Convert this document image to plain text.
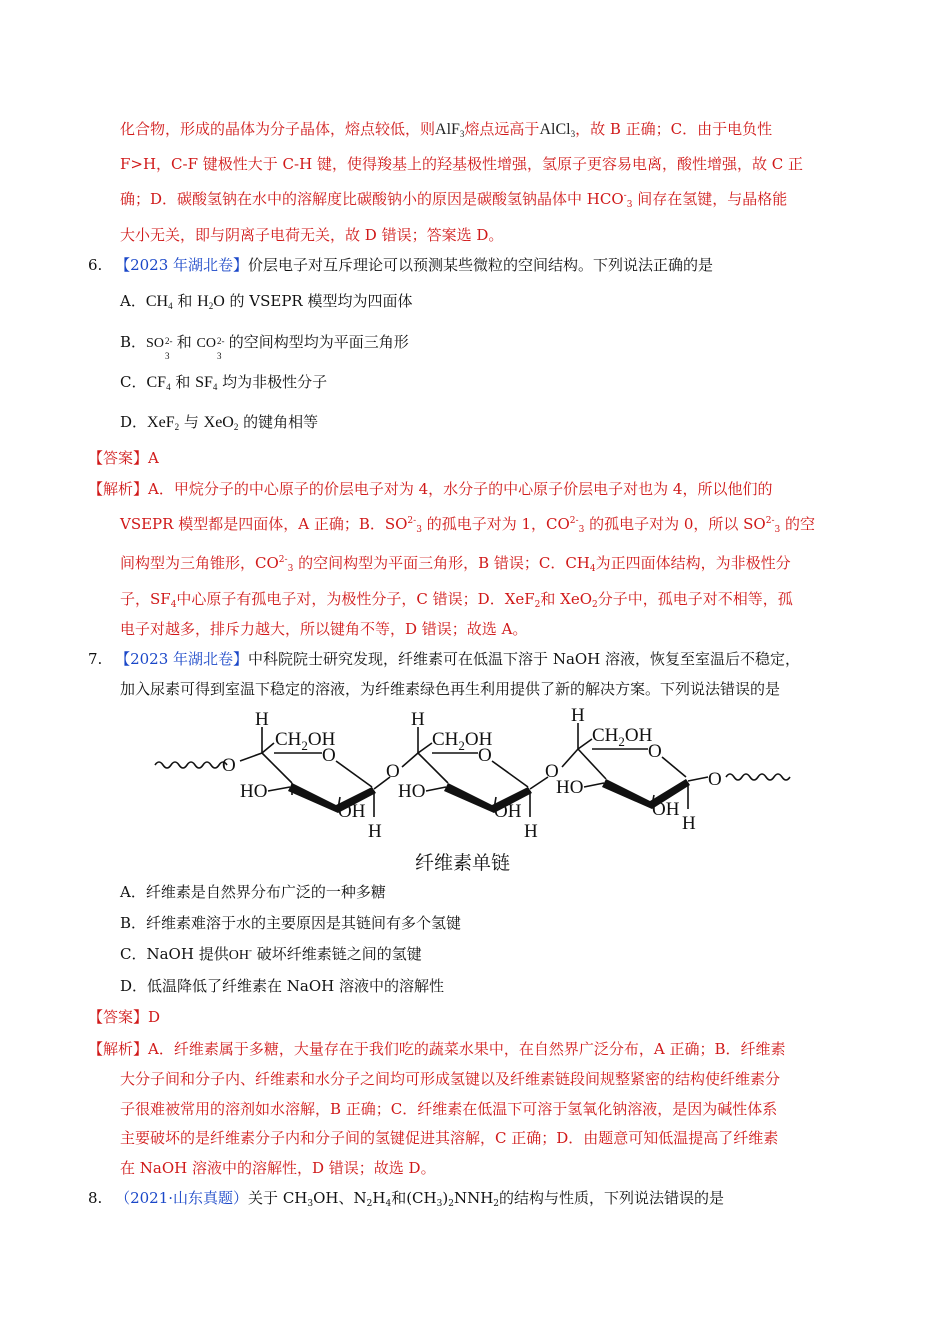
化合物，形成的晶体为分子晶体，熔点较低，则AlF$_3$熔点远高于AlCl$_3$，故 B 正确；C．由于电负性
F>H，C-F 键极性大于 C-H 键，使得羧基上的羟基极性增强，氢原子更容易电离，酸性增强，故 C 正
确；D．碳酸氢钠在水中的溶解度比碳酸钠小的原因是碳酸氢钠晶体中 $HCO^-_3$ 间存在氢键，与晶格能
大小无关，即与阴离子电荷无关，故 D 错误；答案选 D。
6. 【2023 年湖北卷】价层电子对互斥理论可以预测某些微粒的空间结构。下列说法正确的是
A．$CH_4$ 和 $H_2O$ 的 VSEPR 模型均为四面体
B．SO 2-
3
和 CO 2-
3
的空间构型均为平面三角形
C．$CF_4$ 和 $SF_4$ 均为非极性分子
D．XeF$_2$ 与 XeO$_2$ 的键角相等
【答案】A
【解析】A．甲烷分子的中心原子的价层电子对为 4，水分子的中心原子价层电子对也为 4，所以他们的
VSEPR 模型都是四面体，A 正确；B．$SO^{2-}_3$ 的孤电子对为 1，$CO^{2-}_3$ 的孤电子对为 0，所以 $SO^{2-}_3$ 的空
间构型为三角锥形，$CO^{2-}_3$ 的空间构型为平面三角形，B 错误；C．$CH_4$为正四面体结构，为非极性分
子，$SF_4$中心原子有孤电子对，为极性分子，C 错误；D．XeF$_2$和 XeO$_2$分子中，孤电子对不相等，孤
电子对越多，排斥力越大，所以键角不等，D 错误；故选 A。
7. 【2023 年湖北卷】中科院院士研究发现，纤维素可在低温下溶于 NaOH 溶液，恢复至室温后不稳定，
加入尿素可得到室温下稳定的溶液，为纤维素绿色再生利用提供了新的解决方案。下列说法错误的是
O
H
$CH_2OH$
O
HO
OH
H
O
H
$CH_2OH$
O
HO
OH
H
O
H
$CH_2OH$
O
HO
OH
H
O
纤维素单链
A．纤维素是自然界分布广泛的一种多糖
B．纤维素难溶于水的主要原因是其链间有多个氢键
C．NaOH 提供OH- 破坏纤维素链之间的氢键
D．低温降低了纤维素在 NaOH 溶液中的溶解性
【答案】D
【解析】A．纤维素属于多糖，大量存在于我们吃的蔬菜水果中，在自然界广泛分布，A 正确；B．纤维素
大分子间和分子内、纤维素和水分子之间均可形成氢键以及纤维素链段间规整紧密的结构使纤维素分
子很难被常用的溶剂如水溶解，B 正确；C．纤维素在低温下可溶于氢氧化钠溶液，是因为碱性体系
主要破坏的是纤维素分子内和分子间的氢键促进其溶解，C 正确；D．由题意可知低温提高了纤维素
在 NaOH 溶液中的溶解性，D 错误；故选 D。
8. （2021·山东真题）关于 $CH_3OH$、$N_2H_4$和$(CH_3)_2NNH_2$的结构与性质，下列说法错误的是
